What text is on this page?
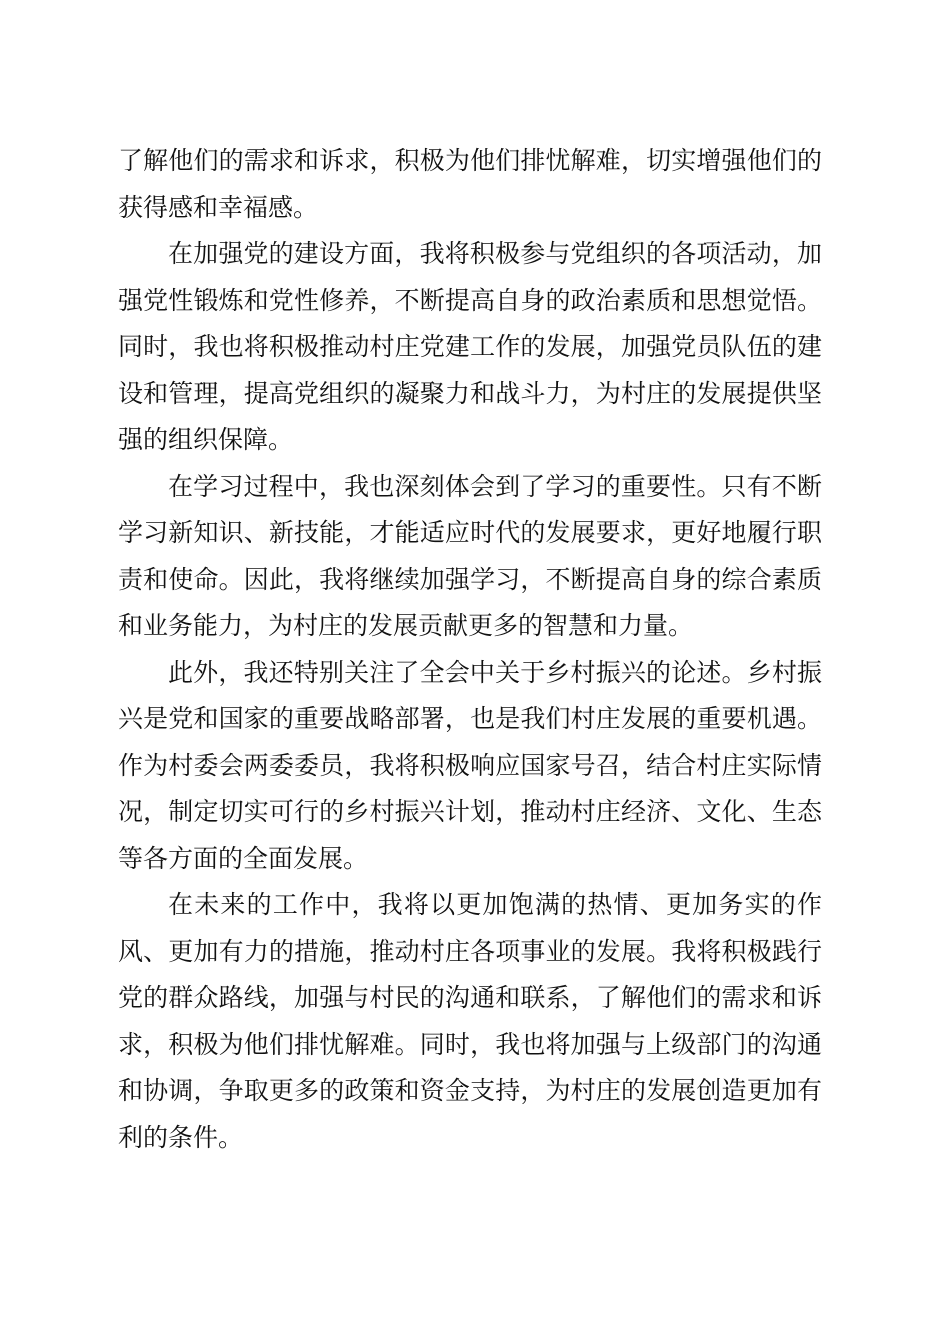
了解他们的需求和诉求，积极为他们排忧解难，切实增强他们的获得感和幸福感。

在加强党的建设方面，我将积极参与党组织的各项活动，加强党性锻炼和党性修养，不断提高自身的政治素质和思想觉悟。同时，我也将积极推动村庄党建工作的发展，加强党员队伍的建设和管理，提高党组织的凝聚力和战斗力，为村庄的发展提供坚强的组织保障。

在学习过程中，我也深刻体会到了学习的重要性。只有不断学习新知识、新技能，才能适应时代的发展要求，更好地履行职责和使命。因此，我将继续加强学习，不断提高自身的综合素质和业务能力，为村庄的发展贡献更多的智慧和力量。

此外，我还特别关注了全会中关于乡村振兴的论述。乡村振兴是党和国家的重要战略部署，也是我们村庄发展的重要机遇。作为村委会两委委员，我将积极响应国家号召，结合村庄实际情况，制定切实可行的乡村振兴计划，推动村庄经济、文化、生态等各方面的全面发展。

在未来的工作中，我将以更加饱满的热情、更加务实的作风、更加有力的措施，推动村庄各项事业的发展。我将积极践行党的群众路线，加强与村民的沟通和联系，了解他们的需求和诉求，积极为他们排忧解难。同时，我也将加强与上级部门的沟通和协调，争取更多的政策和资金支持，为村庄的发展创造更加有利的条件。
